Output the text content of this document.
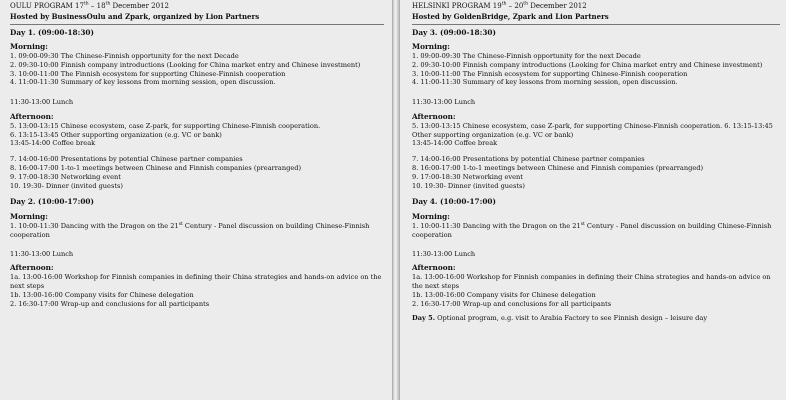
OULU PROGRAM 17th – 18th December 2012
Hosted by BusinessOulu and Zpark, organized by Lion Partners
Day 1. (09:00-18:30)
Morning:
1. 09:00-09:30 The Chinese-Finnish opportunity for the next Decade
2. 09:30-10:00 Finnish company introductions (Looking for China market entry and Chinese investment)
3. 10:00-11:00 The Finnish ecosystem for supporting Chinese-Finnish cooperation
4. 11:00-11:30 Summary of key lessons from morning session, open discussion.
11:30-13:00 Lunch
Afternoon:
5. 13:00-13:15 Chinese ecosystem, case Z-park, for supporting Chinese-Finnish cooperation.
6. 13:15-13:45 Other supporting organization (e.g. VC or bank)
13:45-14:00 Coffee break
7. 14:00-16:00 Presentations by potential Chinese partner companies
8. 16:00-17:00 1-to-1 meetings between Chinese and Finnish companies (prearranged)
9. 17:00-18:30 Networking event
10. 19:30- Dinner (invited guests)
Day 2. (10:00-17:00)
Morning:
1. 10:00-11:30 Dancing with the Dragon on the 21st Century - Panel discussion on building Chinese-Finnish cooperation
11:30-13:00 Lunch
Afternoon:
1a. 13:00-16:00 Workshop for Finnish companies in defining their China strategies and hands-on advice on the next steps
1b. 13:00-16:00 Company visits for Chinese delegation
2. 16:30-17:00 Wrap-up and conclusions for all participants
HELSINKI PROGRAM 19th – 20th December 2012
Hosted by GoldenBridge, Zpark and Lion Partners
Day 3. (09:00-18:30)
Morning:
1. 09:00-09:30 The Chinese-Finnish opportunity for the next Decade
2. 09:30-10:00 Finnish company introductions (Looking for China market entry and Chinese investment)
3. 10:00-11:00 The Finnish ecosystem for supporting Chinese-Finnish cooperation
4. 11:00-11:30 Summary of key lessons from morning session, open discussion.
11:30-13:00 Lunch
Afternoon:
5. 13:00-13:15 Chinese ecosystem, case Z-park, for supporting Chinese-Finnish cooperation. 6. 13:15-13:45 Other supporting organization (e.g. VC or bank)
13:45-14:00 Coffee break
7. 14:00-16:00 Presentations by potential Chinese partner companies
8. 16:00-17:00 1-to-1 meetings between Chinese and Finnish companies (prearranged)
9. 17:00-18:30 Networking event
10. 19:30- Dinner (invited guests)
Day 4. (10:00-17:00)
Morning:
1. 10:00-11:30 Dancing with the Dragon on the 21st Century - Panel discussion on building Chinese-Finnish cooperation
11:30-13:00 Lunch
Afternoon:
1a. 13:00-16:00 Workshop for Finnish companies in defining their China strategies and hands-on advice on the next steps
1b. 13:00-16:00 Company visits for Chinese delegation
2. 16:30-17:00 Wrap-up and conclusions for all participants
Day 5. Optional program, e.g. visit to Arabia Factory to see Finnish design – leisure day
